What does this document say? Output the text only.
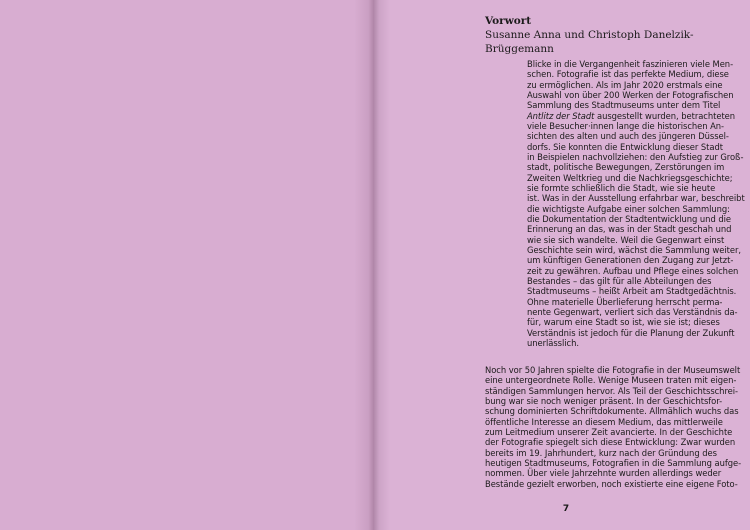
Vorwort
Susanne Anna und Christoph Danelzik-Brüggemann
Blicke in die Vergangenheit faszinieren viele Men-
schen. Fotografie ist das perfekte Medium, diese
zu ermöglichen. Als im Jahr 2020 erstmals eine
Auswahl von über 200 Werken der Fotografischen
Sammlung des Stadtmuseums unter dem Titel
Antlitz der Stadt ausgestellt wurden, betrachteten
viele Besucher·innen lange die historischen An-
sichten des alten und auch des jüngeren Düssel-
dorfs. Sie konnten die Entwicklung dieser Stadt
in Beispielen nachvollziehen: den Aufstieg zur Groß-
stadt, politische Bewegungen, Zerstörungen im
Zweiten Weltkrieg und die Nachkriegsgeschichte;
sie formte schließlich die Stadt, wie sie heute
ist. Was in der Ausstellung erfahrbar war, beschreibt
die wichtigste Aufgabe einer solchen Sammlung:
die Dokumentation der Stadtentwicklung und die
Erinnerung an das, was in der Stadt geschah und
wie sie sich wandelte. Weil die Gegenwart einst
Geschichte sein wird, wächst die Sammlung weiter,
um künftigen Generationen den Zugang zur Jetzt-
zeit zu gewähren. Aufbau und Pflege eines solchen
Bestandes – das gilt für alle Abteilungen des
Stadtmuseums – heißt Arbeit am Stadtgedächtnis.
Ohne materielle Überlieferung herrscht perma-
nente Gegenwart, verliert sich das Verständnis da-
für, warum eine Stadt so ist, wie sie ist; dieses
Verständnis ist jedoch für die Planung der Zukunft
unerlässlich.
Noch vor 50 Jahren spielte die Fotografie in der Museumswelt
eine untergeordnete Rolle. Wenige Museen traten mit eigen-
ständigen Sammlungen hervor. Als Teil der Geschichtsschrei-
bung war sie noch weniger präsent. In der Geschichtsfor-
schung dominierten Schriftdokumente. Allmählich wuchs das
öffentliche Interesse an diesem Medium, das mittlerweile
zum Leitmedium unserer Zeit avancierte. In der Geschichte
der Fotografie spiegelt sich diese Entwicklung: Zwar wurden
bereits im 19. Jahrhundert, kurz nach der Gründung des
heutigen Stadtmuseums, Fotografien in die Sammlung aufge-
nommen. Über viele Jahrzehnte wurden allerdings weder
Bestände gezielt erworben, noch existierte eine eigene Foto-
7
